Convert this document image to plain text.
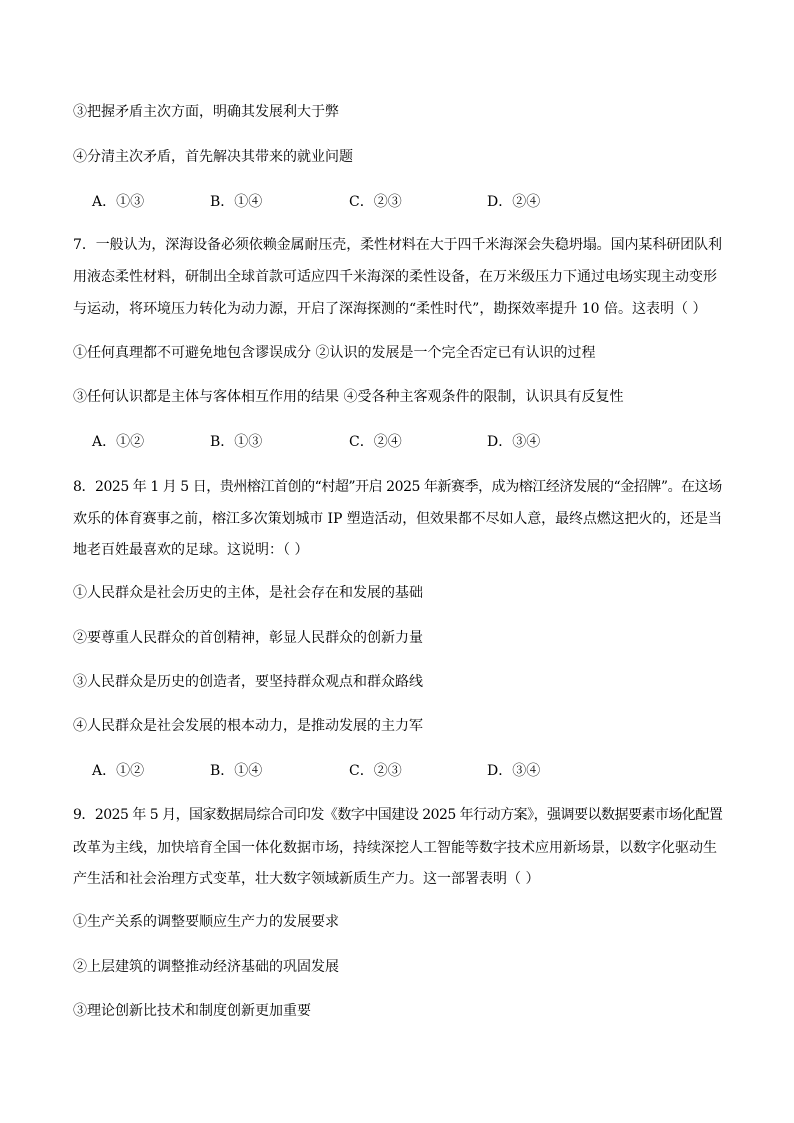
③把握矛盾主次方面，明确其发展利大于弊
④分清主次矛盾，首先解决其带来的就业问题
A．①③	B．①④	C．②③	D．②④
7．一般认为，深海设备必须依赖金属耐压壳，柔性材料在大于四千米海深会失稳坍塌。国内某科研团队利
用液态柔性材料，研制出全球首款可适应四千米海深的柔性设备，在万米级压力下通过电场实现主动变形
与运动，将环境压力转化为动力源，开启了深海探测的“柔性时代”，勘探效率提升 10 倍。这表明（ ）
①任何真理都不可避免地包含谬误成分 ②认识的发展是一个完全否定已有认识的过程
③任何认识都是主体与客体相互作用的结果 ④受各种主客观条件的限制，认识具有反复性
A．①②	B．①③	C．②④	D．③④
8．2025 年 1 月 5 日，贵州榕江首创的“村超”开启 2025 年新赛季，成为榕江经济发展的“金招牌”。在这场
欢乐的体育赛事之前，榕江多次策划城市 IP 塑造活动，但效果都不尽如人意，最终点燃这把火的，还是当
地老百姓最喜欢的足球。这说明：（ ）
①人民群众是社会历史的主体，是社会存在和发展的基础
②要尊重人民群众的首创精神，彰显人民群众的创新力量
③人民群众是历史的创造者，要坚持群众观点和群众路线
④人民群众是社会发展的根本动力，是推动发展的主力军
A．①②	B．①④	C．②③	D．③④
9．2025 年 5 月，国家数据局综合司印发《数字中国建设 2025 年行动方案》，强调要以数据要素市场化配置
改革为主线，加快培育全国一体化数据市场，持续深挖人工智能等数字技术应用新场景，以数字化驱动生
产生活和社会治理方式变革，壮大数字领域新质生产力。这一部署表明（ ）
①生产关系的调整要顺应生产力的发展要求
②上层建筑的调整推动经济基础的巩固发展
③理论创新比技术和制度创新更加重要
